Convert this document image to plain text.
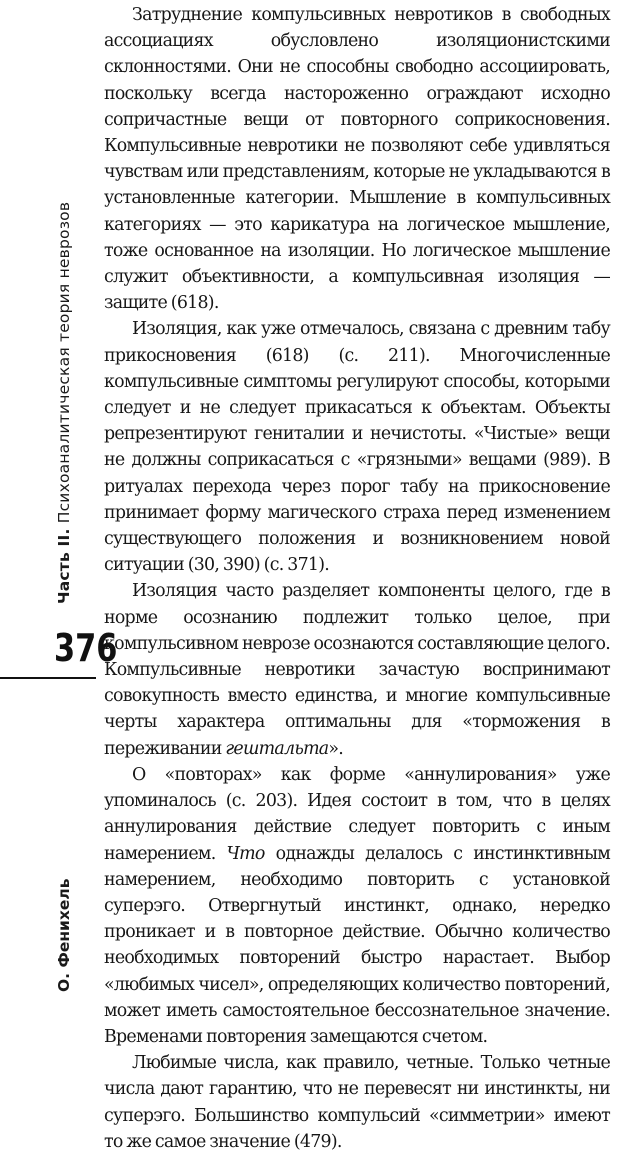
Часть II. Психоаналитическая теория неврозов
376
О. Фенихель

Затруднение компульсивных невротиков в свободных ассоциациях обусловлено изоляционистскими склонностями. Они не способны свободно ассоциировать, поскольку всегда настороженно ограждают исходно сопричастные вещи от повторного соприкосновения. Компульсивные невротики не позволяют себе удивляться чувствам или представлениям, которые не укладываются в установленные категории. Мышление в компульсивных категориях — это карикатура на логическое мышление, тоже основанное на изоляции. Но логическое мышление служит объективности, а компульсивная изоляция — защите (618).

Изоляция, как уже отмечалось, связана с древним табу прикосновения (618) (с. 211). Многочисленные компульсивные симптомы регулируют способы, которыми следует и не следует прикасаться к объектам. Объекты репрезентируют гениталии и нечистоты. «Чистые» вещи не должны соприкасаться с «грязными» вещами (989). В ритуалах перехода через порог табу на прикосновение принимает форму магического страха перед изменением существующего положения и возникновением новой ситуации (30, 390) (с. 371).

Изоляция часто разделяет компоненты целого, где в норме осознанию подлежит только целое, при компульсивном неврозе осознаются составляющие целого. Компульсивные невротики зачастую воспринимают совокупность вместо единства, и многие компульсивные черты характера оптимальны для «торможения в переживании гештальта».

О «повторах» как форме «аннулирования» уже упоминалось (с. 203). Идея состоит в том, что в целях аннулирования действие следует повторить с иным намерением. Что однажды делалось с инстинктивным намерением, необходимо повторить с установкой суперэго. Отвергнутый инстинкт, однако, нередко проникает и в повторное действие. Обычно количество необходимых повторений быстро нарастает. Выбор «любимых чисел», определяющих количество повторений, может иметь самостоятельное бессознательное значение. Временами повторения замещаются счетом.

Любимые числа, как правило, четные. Только четные числа дают гарантию, что не перевесят ни инстинкты, ни суперэго. Большинство компульсий «симметрии» имеют то же самое значение (479).
